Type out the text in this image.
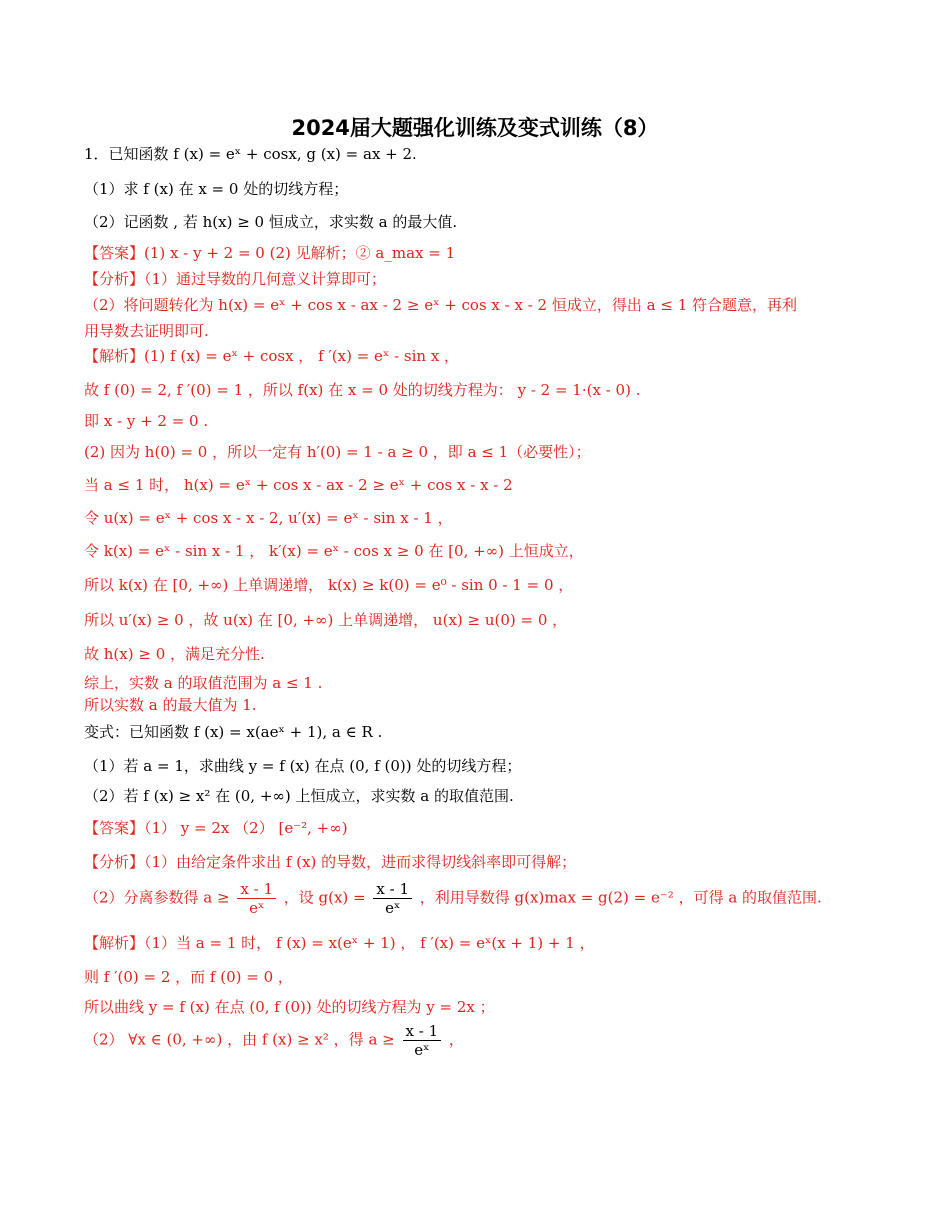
2024届大题强化训练及变式训练（8）
1．已知函数 f (x) = eˣ + cosx, g (x) = ax + 2.
（1）求 f (x) 在 x = 0 处的切线方程；
（2）记函数 , 若 h(x) ≥ 0 恒成立，求实数 a 的最大值.
【答案】(1) x - y + 2 = 0 (2) 见解析；② a_max = 1
【分析】（1）通过导数的几何意义计算即可；
（2）将问题转化为 h(x) = eˣ + cos x - ax - 2 ≥ eˣ + cos x - x - 2 恒成立，得出 a ≤ 1 符合题意，再利
用导数去证明即可.
【解析】(1) f (x) = eˣ + cosx ， f ′(x) = eˣ - sin x ，
故 f (0) = 2, f ′(0) = 1 ，所以 f(x) 在 x = 0 处的切线方程为： y - 2 = 1·(x - 0) .
即 x - y + 2 = 0 .
(2) 因为 h(0) = 0 ，所以一定有 h′(0) = 1 - a ≥ 0 ，即 a ≤ 1（必要性）；
当 a ≤ 1 时， h(x) = eˣ + cos x - ax - 2 ≥ eˣ + cos x - x - 2
令 u(x) = eˣ + cos x - x - 2, u′(x) = eˣ - sin x - 1 ，
令 k(x) = eˣ - sin x - 1 ， k′(x) = eˣ - cos x ≥ 0 在 [0, +∞) 上恒成立，
所以 k(x) 在 [0, +∞) 上单调递增， k(x) ≥ k(0) = e⁰ - sin 0 - 1 = 0 ，
所以 u′(x) ≥ 0 ，故 u(x) 在 [0, +∞) 上单调递增， u(x) ≥ u(0) = 0 ，
故 h(x) ≥ 0 ，满足充分性.
综上，实数 a 的取值范围为 a ≤ 1 .
所以实数 a 的最大值为 1.
变式：已知函数 f (x) = x(aeˣ + 1), a ∈ R .
（1）若 a = 1，求曲线 y = f (x) 在点 (0, f (0)) 处的切线方程；
（2）若 f (x) ≥ x² 在 (0, +∞) 上恒成立，求实数 a 的取值范围.
【答案】（1） y = 2x （2） [e⁻², +∞)
【分析】（1）由给定条件求出 f (x) 的导数，进而求得切线斜率即可得解；
（2）分离参数得 $a \ge \frac{x - 1}{\text{eˣ}}$ ，设 $g(x) = \frac{x - 1}{\text{eˣ}}$ ，利用导数得 g(x)max = g(2) = e⁻² ，可得 a 的取值范围.
【解析】（1）当 a = 1 时， f (x) = x(eˣ + 1) ， f ′(x) = eˣ(x + 1) + 1 ，
则 f ′(0) = 2 ，而 f (0) = 0 ，
所以曲线 y = f (x) 在点 (0, f (0)) 处的切线方程为 y = 2x ；
（2） ∀x ∈ (0, +∞) ，由 f (x) ≥ x² ，得 $a \ge \frac{x - 1}{\text{eˣ}}$ ，
